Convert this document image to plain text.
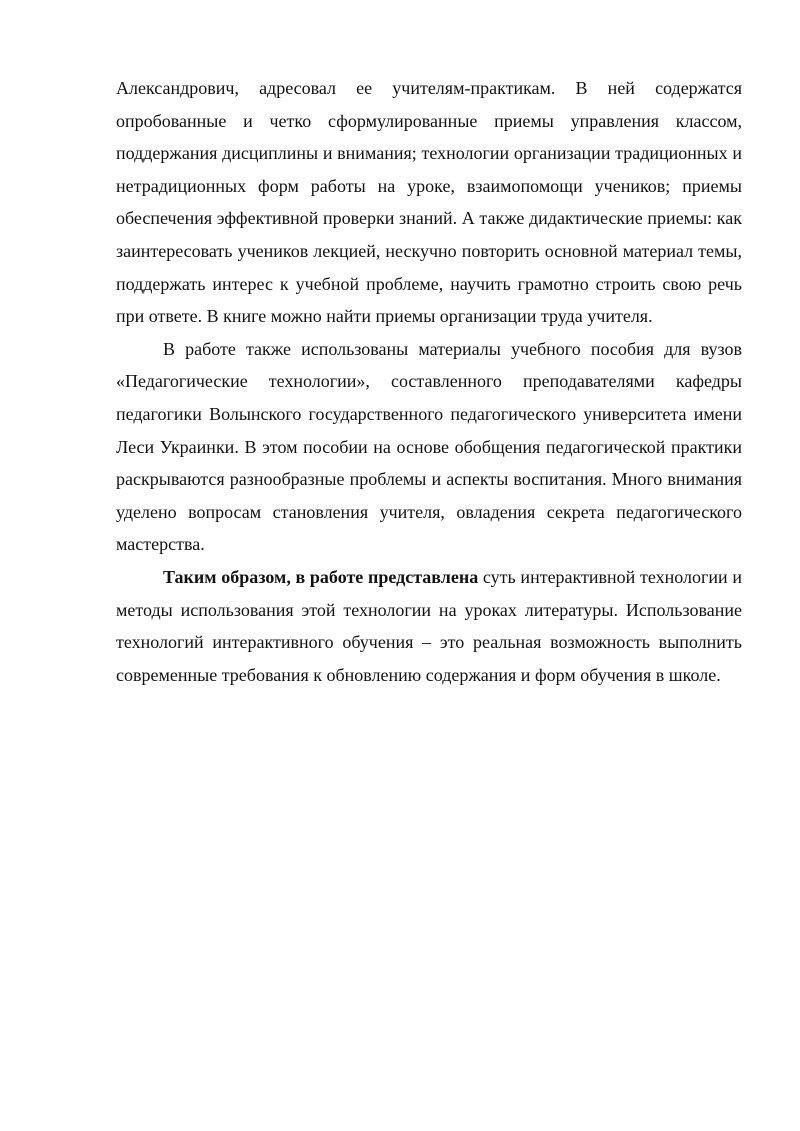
Александрович, адресовал ее учителям-практикам. В ней содержатся опробованные и четко сформулированные приемы управления классом, поддержания дисциплины и внимания; технологии организации традиционных и нетрадиционных форм работы на уроке, взаимопомощи учеников; приемы обеспечения эффективной проверки знаний. А также дидактические приемы: как заинтересовать учеников лекцией, нескучно повторить основной материал темы, поддержать интерес к учебной проблеме, научить грамотно строить свою речь при ответе. В книге можно найти приемы организации труда учителя.

В работе также использованы материалы учебного пособия для вузов «Педагогические технологии», составленного преподавателями кафедры педагогики Волынского государственного педагогического университета имени Леси Украинки. В этом пособии на основе обобщения педагогической практики раскрываются разнообразные проблемы и аспекты воспитания. Много внимания уделено вопросам становления учителя, овладения секрета педагогического мастерства.

Таким образом, в работе представлена суть интерактивной технологии и методы использования этой технологии на уроках литературы. Использование технологий интерактивного обучения – это реальная возможность выполнить современные требования к обновлению содержания и форм обучения в школе.
